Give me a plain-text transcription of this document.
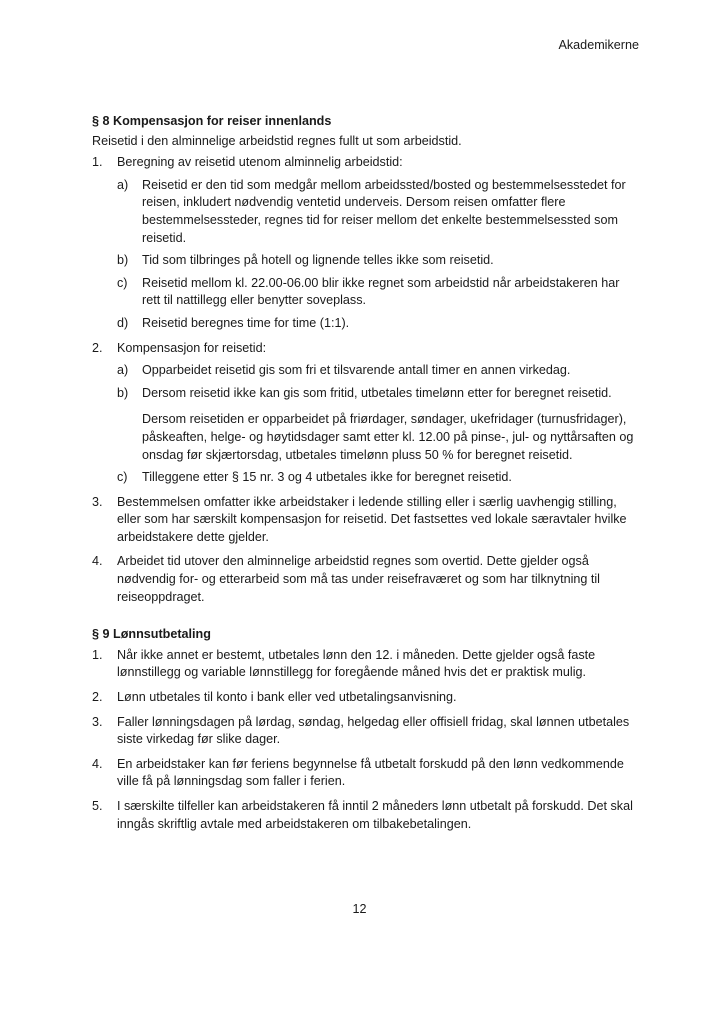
Akademikerne

§ 8 Kompensasjon for reiser innenlands

Reisetid i den alminnelige arbeidstid regnes fullt ut som arbeidstid.
1. Beregning av reisetid utenom alminnelig arbeidstid:
a) Reisetid er den tid som medgår mellom arbeidssted/bosted og bestemmelsesstedet for reisen, inkludert nødvendig ventetid underveis. Dersom reisen omfatter flere bestemmelsessteder, regnes tid for reiser mellom det enkelte bestemmelsessted som reisetid.
b) Tid som tilbringes på hotell og lignende telles ikke som reisetid.
c) Reisetid mellom kl. 22.00-06.00 blir ikke regnet som arbeidstid når arbeidstakeren har rett til nattillegg eller benytter soveplass.
d) Reisetid beregnes time for time (1:1).
2. Kompensasjon for reisetid:
a) Opparbeidet reisetid gis som fri et tilsvarende antall timer en annen virkedag.
b) Dersom reisetid ikke kan gis som fritid, utbetales timelønn etter for beregnet reisetid.
Dersom reisetiden er opparbeidet på friørdager, søndager, ukefridager (turnusfridager), påskeaften, helge- og høytidsdager samt etter kl. 12.00 på pinse-, jul- og nyttårsaften og onsdag før skjærtorsdag, utbetales timelønn pluss 50 % for beregnet reisetid.
c) Tilleggene etter § 15 nr. 3 og 4 utbetales ikke for beregnet reisetid.
3. Bestemmelsen omfatter ikke arbeidstaker i ledende stilling eller i særlig uavhengig stilling, eller som har særskilt kompensasjon for reisetid. Det fastsettes ved lokale særavtaler hvilke arbeidstakere dette gjelder.
4. Arbeidet tid utover den alminnelige arbeidstid regnes som overtid. Dette gjelder også nødvendig for- og etterarbeid som må tas under reisefraværet og som har tilknytning til reiseoppdraget.

§ 9 Lønnsutbetaling

1. Når ikke annet er bestemt, utbetales lønn den 12. i måneden. Dette gjelder også faste lønnstillegg og variable lønnstillegg for foregående måned hvis det er praktisk mulig.
2. Lønn utbetales til konto i bank eller ved utbetalingsanvisning.
3. Faller lønningsdagen på lørdag, søndag, helgedag eller offisiell fridag, skal lønnen utbetales siste virkedag før slike dager.
4. En arbeidstaker kan før feriens begynnelse få utbetalt forskudd på den lønn vedkommende ville få på lønningsdag som faller i ferien.
5. I særskilte tilfeller kan arbeidstakeren få inntil 2 måneders lønn utbetalt på forskudd. Det skal inngås skriftlig avtale med arbeidstakeren om tilbakebetalingen.
12
